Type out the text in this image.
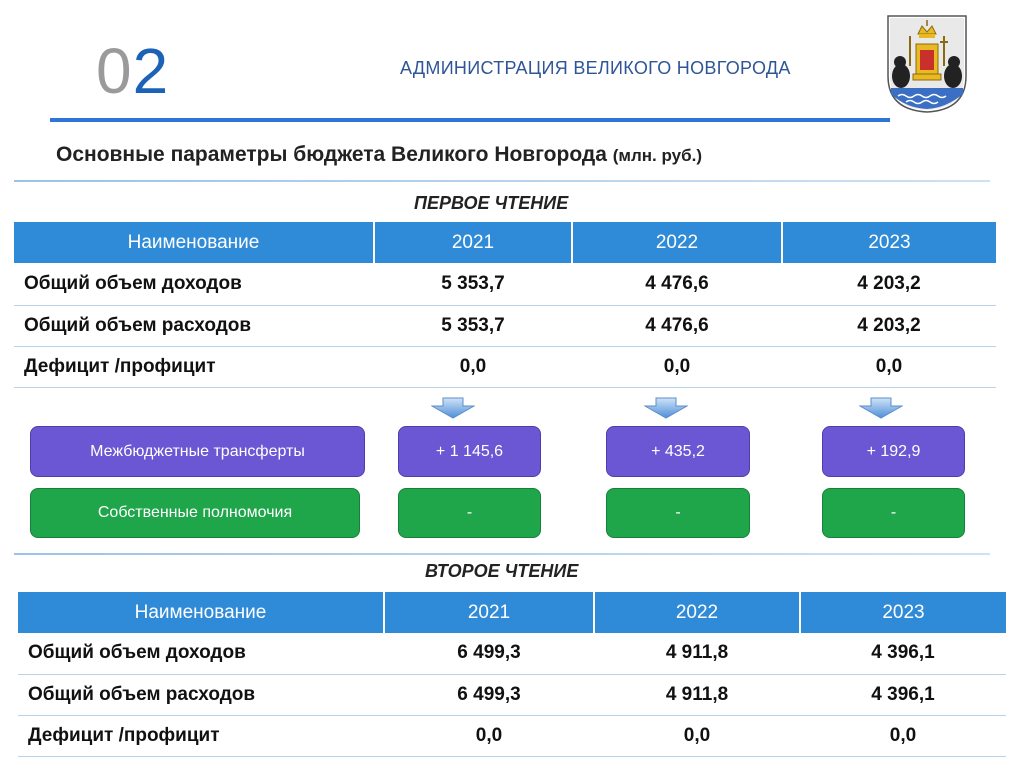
02	АДМИНИСТРАЦИЯ ВЕЛИКОГО НОВГОРОДА
Основные параметры бюджета Великого Новгорода (млн. руб.)
ПЕРВОЕ ЧТЕНИЕ
Наименование	2021	2022	2023
Общий объем доходов	5 353,7	4 476,6	4 203,2
Общий объем расходов	5 353,7	4 476,6	4 203,2
Дефицит /профицит	0,0	0,0	0,0
Межбюджетные трансферты	+ 1 145,6	+ 435,2	+ 192,9
Собственные полномочия	-	-	-
ВТОРОЕ ЧТЕНИЕ
Наименование	2021	2022	2023
Общий объем доходов	6 499,3	4 911,8	4 396,1
Общий объем расходов	6 499,3	4 911,8	4 396,1
Дефицит /профицит	0,0	0,0	0,0
